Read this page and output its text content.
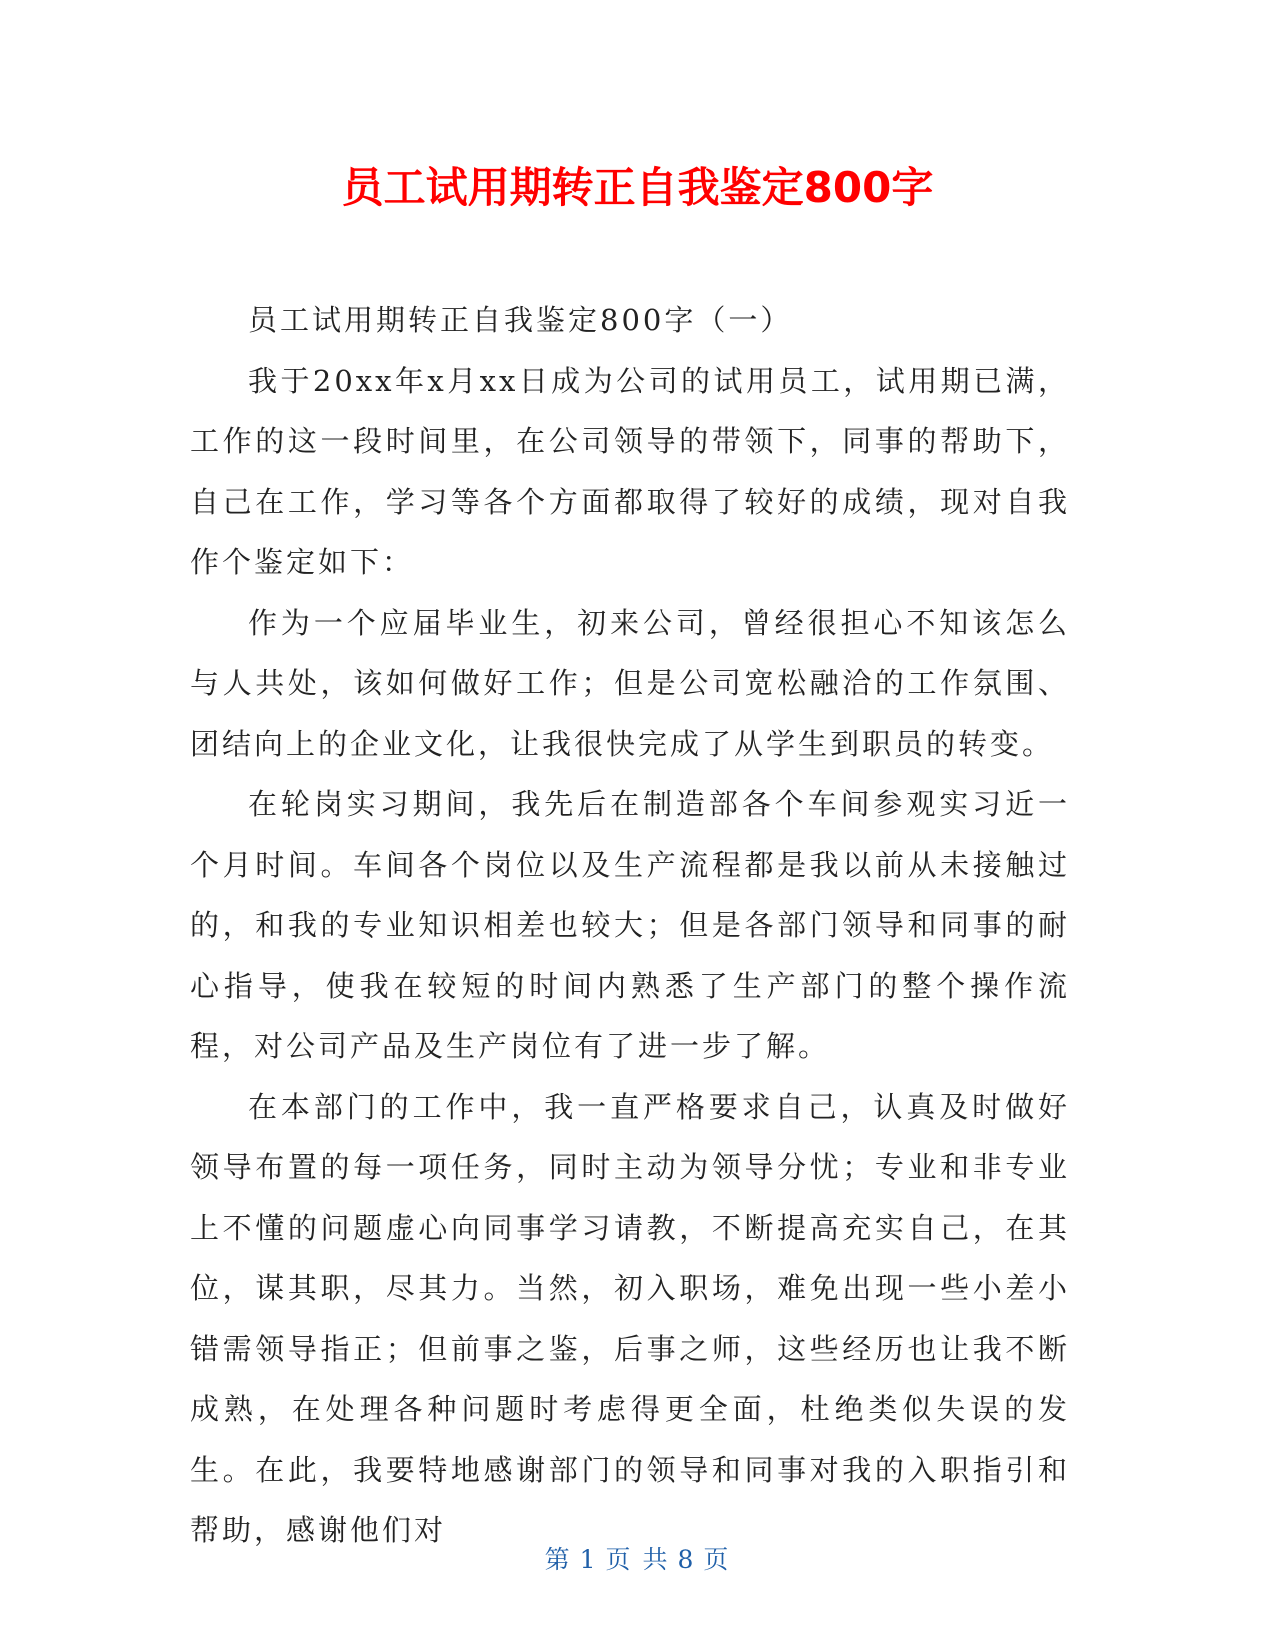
员工试用期转正自我鉴定800字

员工试用期转正自我鉴定800字（一）

我于20xx年x月xx日成为公司的试用员工，试用期已满，工作的这一段时间里，在公司领导的带领下，同事的帮助下，自己在工作，学习等各个方面都取得了较好的成绩，现对自我作个鉴定如下：

作为一个应届毕业生，初来公司，曾经很担心不知该怎么与人共处，该如何做好工作；但是公司宽松融洽的工作氛围、团结向上的企业文化，让我很快完成了从学生到职员的转变。

在轮岗实习期间，我先后在制造部各个车间参观实习近一个月时间。车间各个岗位以及生产流程都是我以前从未接触过的，和我的专业知识相差也较大；但是各部门领导和同事的耐心指导，使我在较短的时间内熟悉了生产部门的整个操作流程，对公司产品及生产岗位有了进一步了解。

在本部门的工作中，我一直严格要求自己，认真及时做好领导布置的每一项任务，同时主动为领导分忧；专业和非专业上不懂的问题虚心向同事学习请教，不断提高充实自己，在其位，谋其职，尽其力。当然，初入职场，难免出现一些小差小错需领导指正；但前事之鉴，后事之师，这些经历也让我不断成熟，在处理各种问题时考虑得更全面，杜绝类似失误的发生。在此，我要特地感谢部门的领导和同事对我的入职指引和帮助，感谢他们对

第 1 页 共 8 页
